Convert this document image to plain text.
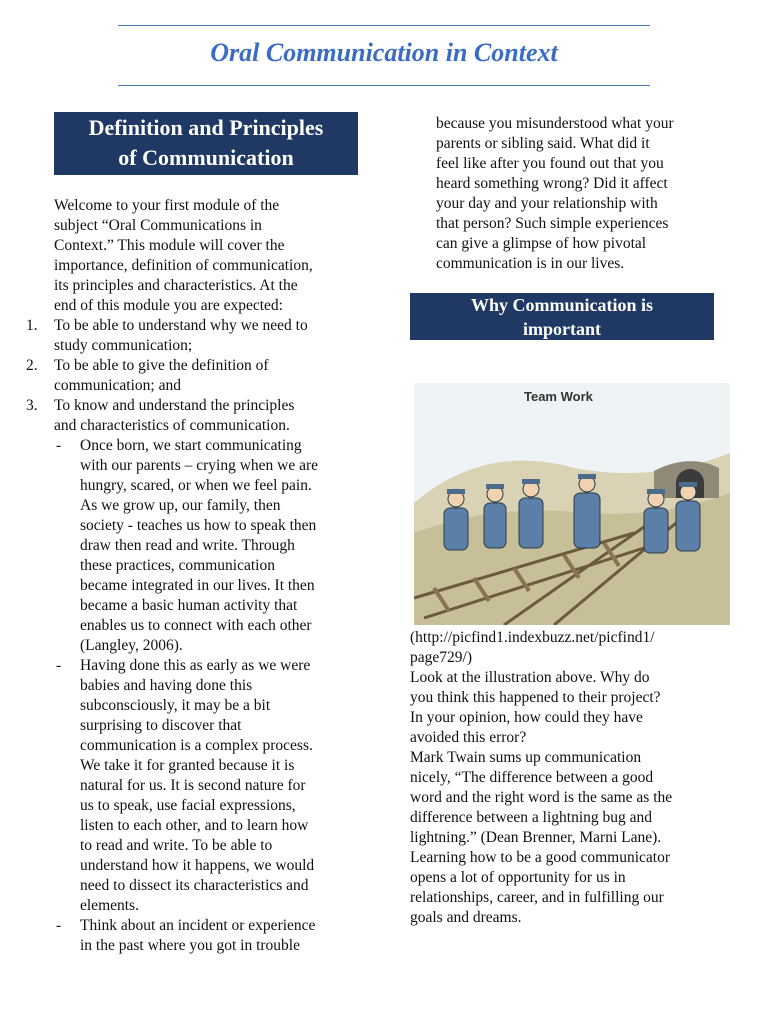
Oral Communication in Context
Definition and Principles
of Communication
Welcome to your first module of the
subject “Oral Communications in
Context.” This module will cover the
importance, definition of communication,
its principles and characteristics. At the
end of this module you are expected:
1. To be able to understand why we need to
study communication;
2. To be able to give the definition of
communication; and
3. To know and understand the principles
and characteristics of communication.
- Once born, we start communicating
with our parents – crying when we are
hungry, scared, or when we feel pain.
As we grow up, our family, then
society - teaches us how to speak then
draw then read and write. Through
these practices, communication
became integrated in our lives. It then
became a basic human activity that
enables us to connect with each other
(Langley, 2006).
- Having done this as early as we were
babies and having done this
subconsciously, it may be a bit
surprising to discover that
communication is a complex process.
We take it for granted because it is
natural for us. It is second nature for
us to speak, use facial expressions,
listen to each other, and to learn how
to read and write. To be able to
understand how it happens, we would
need to dissect its characteristics and
elements.
- Think about an incident or experience
in the past where you got in trouble
because you misunderstood what your
parents or sibling said. What did it
feel like after you found out that you
heard something wrong? Did it affect
your day and your relationship with
that person? Such simple experiences
can give a glimpse of how pivotal
communication is in our lives.
Why Communication is
important
Team Work

(http://picfind1.indexbuzz.net/picfind1/
page729/)

Look at the illustration above. Why do
you think this happened to their project?
In your opinion, how could they have
avoided this error?
Mark Twain sums up communication
nicely, “The difference between a good
word and the right word is the same as the
difference between a lightning bug and
lightning.” (Dean Brenner, Marni Lane).
Learning how to be a good communicator
opens a lot of opportunity for us in
relationships, career, and in fulfilling our
goals and dreams.
